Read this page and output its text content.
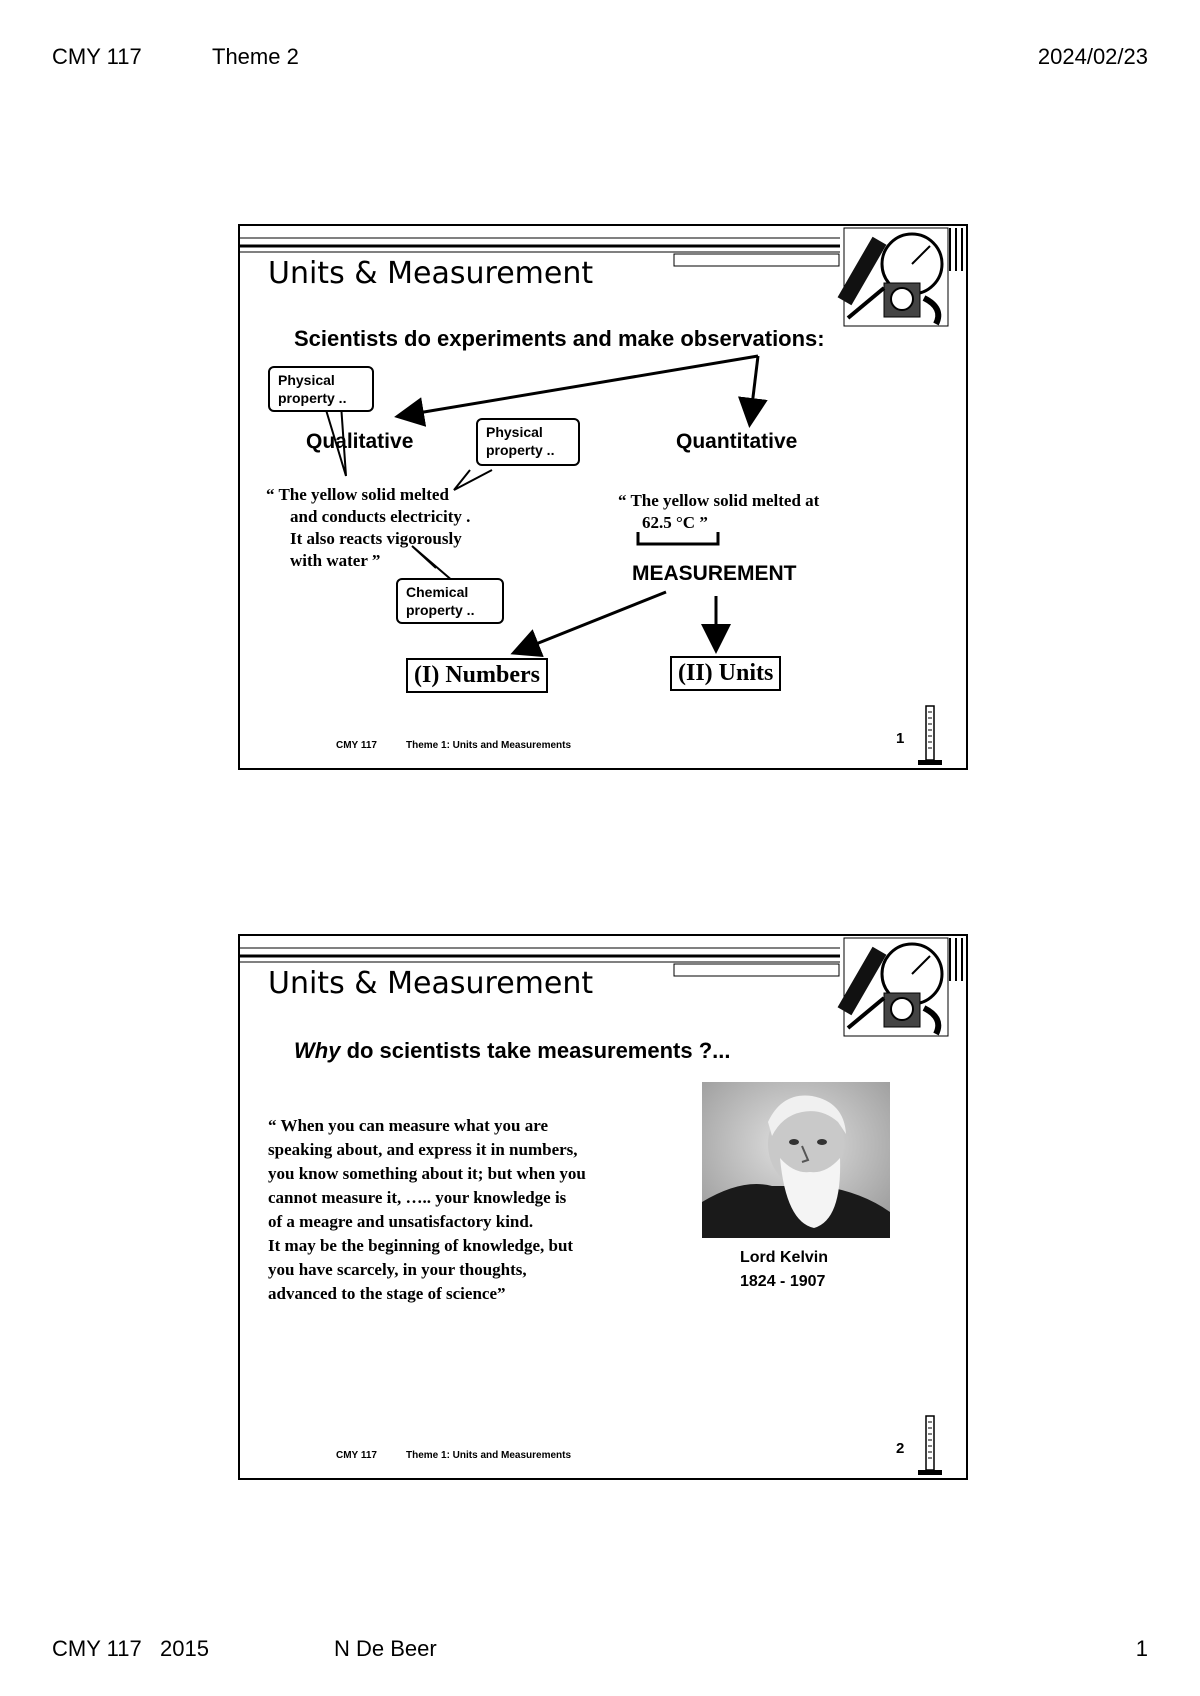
CMY 117	Theme 2	2024/02/23
Units & Measurement
Scientists do experiments and make observations:
Physical
property ..
Qualitative	Physical
property ..	Quantitative
“ The yellow solid melted
and conducts electricity .
It also reacts vigorously
with water ”
Chemical
property ..
“ The yellow solid melted at
62.5 °C ”
MEASUREMENT
(I) Numbers	(II) Units
CMY 117	Theme 1: Units and Measurements	1
Units & Measurement
Why do scientists take measurements ?...
“ When you can measure what you are
speaking about, and express it in numbers,
you know something about it; but when you
cannot measure it, ….. your knowledge is
of a meagre and unsatisfactory kind.
It may be the beginning of knowledge, but
you have scarcely, in your thoughts,
advanced to the stage of science”
Lord Kelvin
1824 - 1907
CMY 117	Theme 1: Units and Measurements	2
CMY 117   2015	N De Beer	1
